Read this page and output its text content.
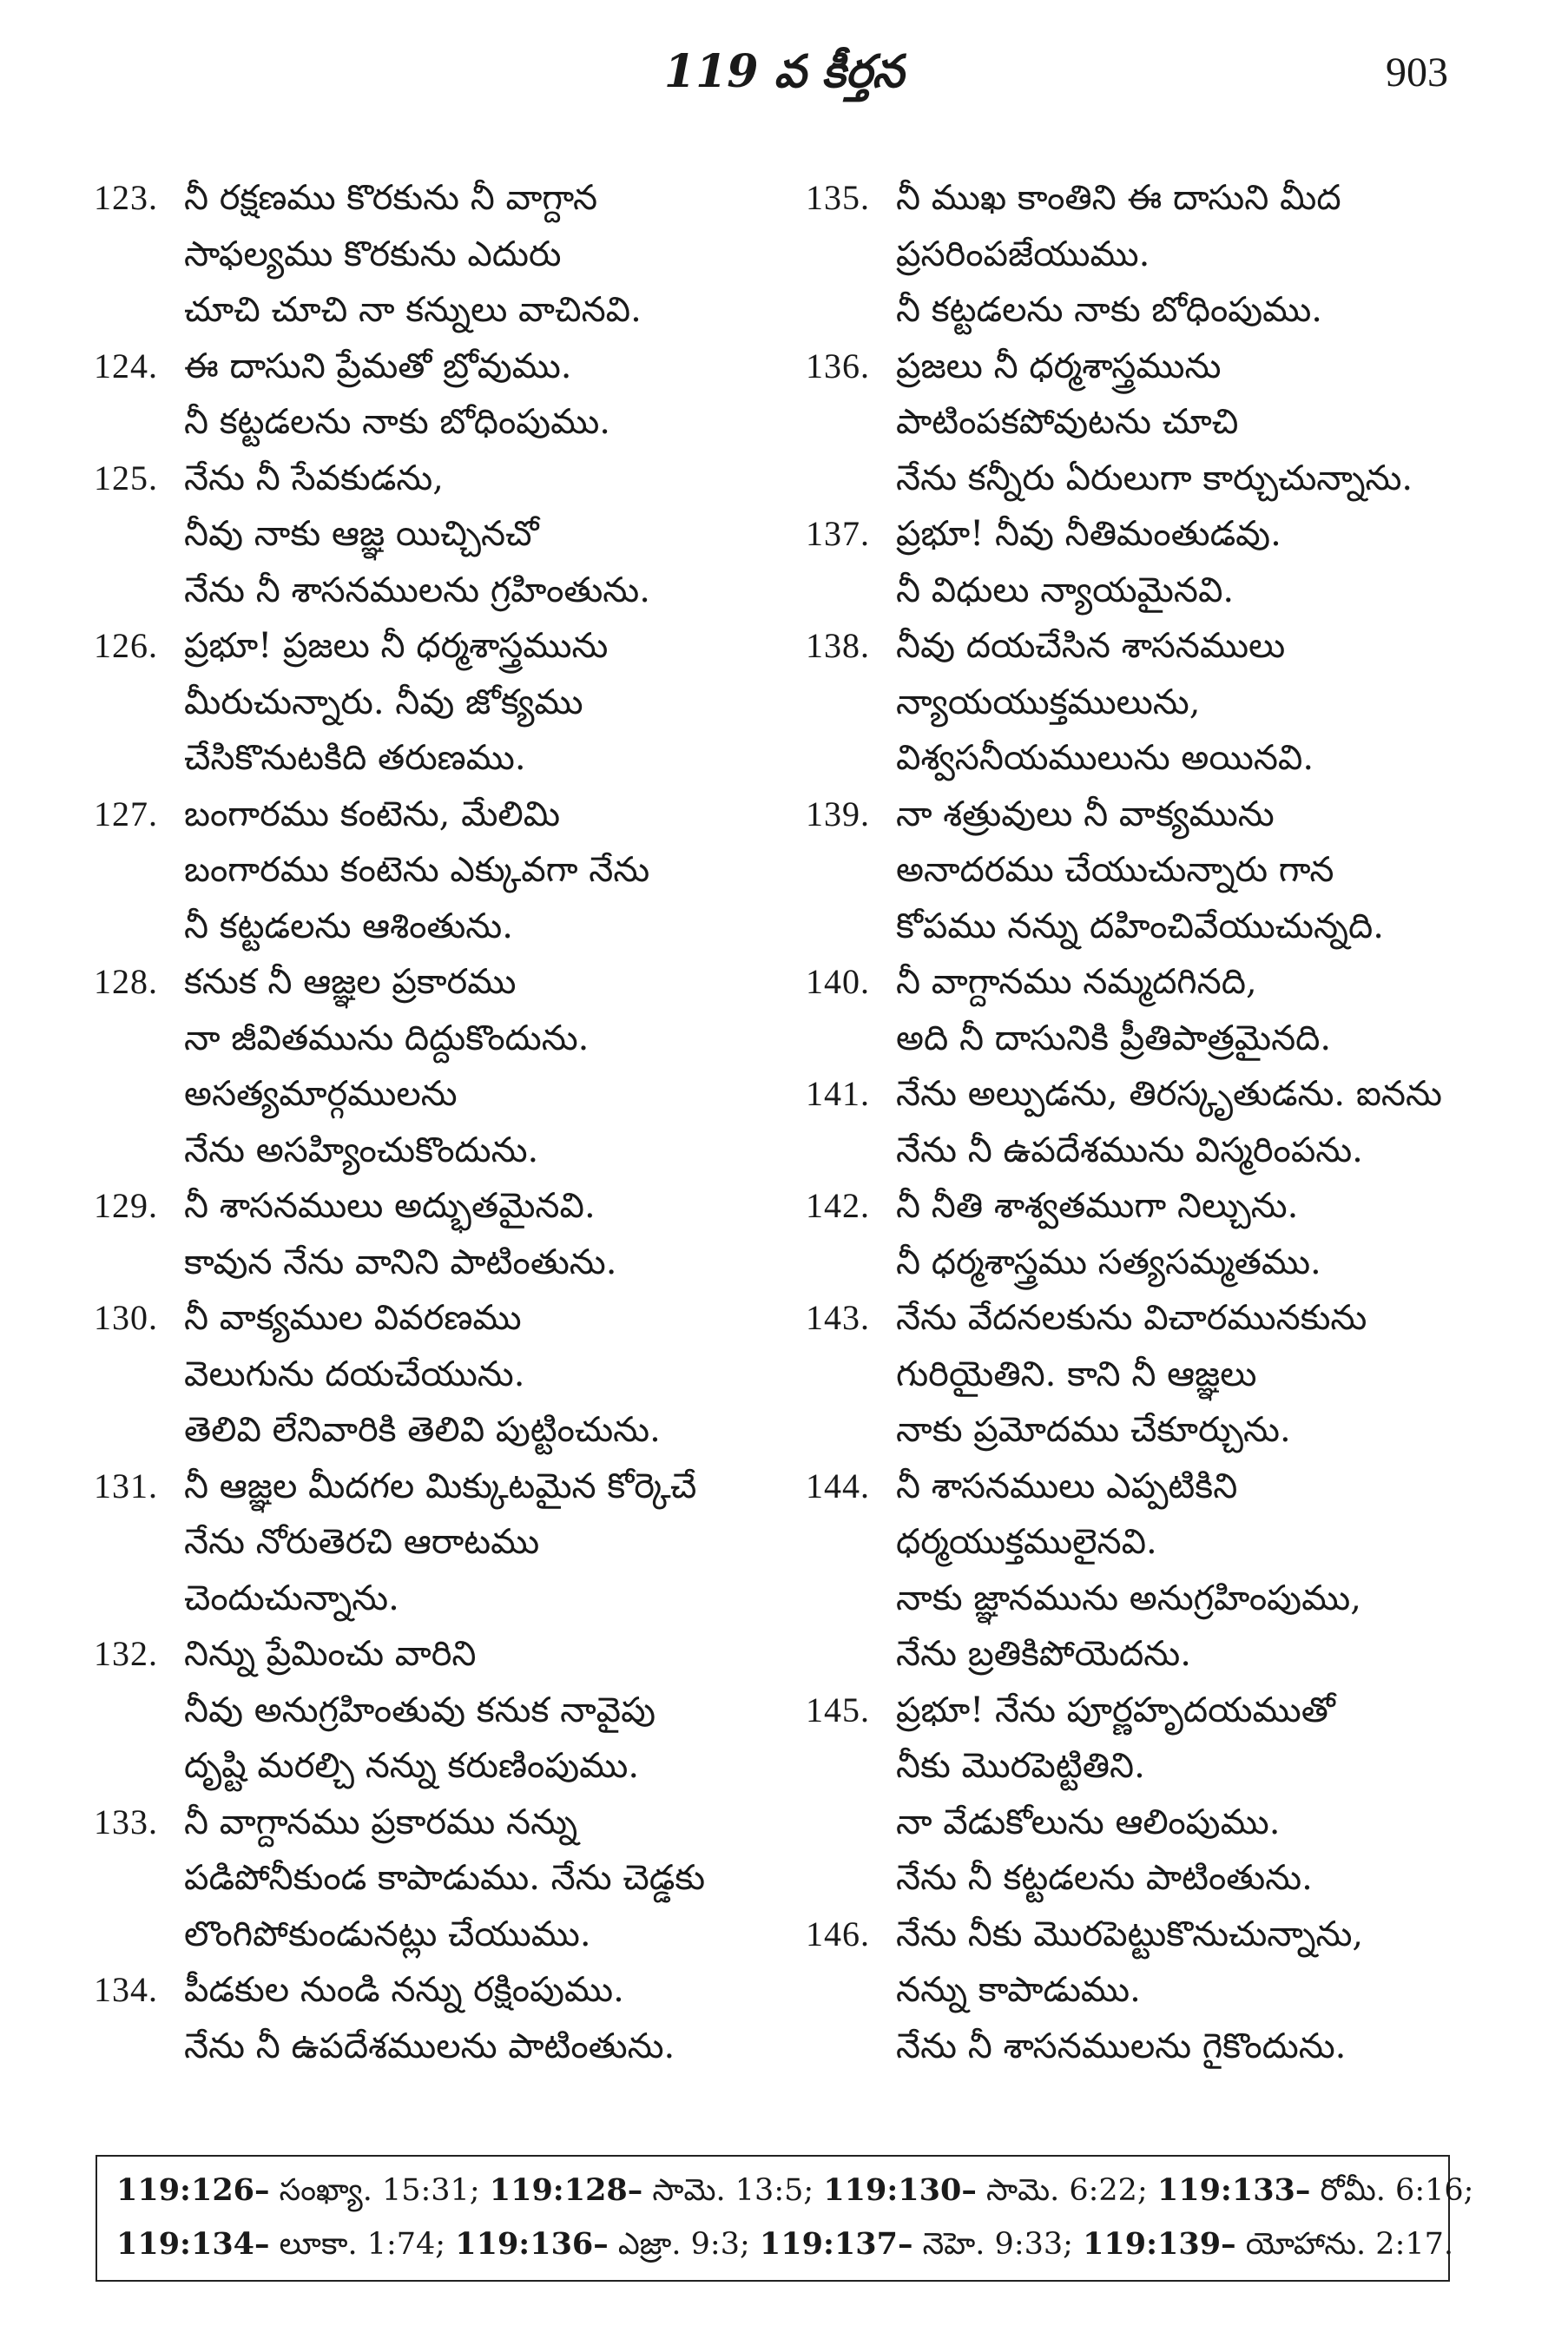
119 వ కీర్తన	903
123. నీ రక్షణము కొరకును నీ వాగ్దాన
సాఫల్యము కొరకును ఎదురు
చూచి చూచి నా కన్నులు వాచినవి.
124. ఈ దాసుని ప్రేమతో బ్రోవుము.
నీ కట్టడలను నాకు బోధింపుము.
125. నేను నీ సేవకుడను,
నీవు నాకు ఆజ్ఞ యిచ్చినచో
నేను నీ శాసనములను గ్రహింతును.
126. ప్రభూ! ప్రజలు నీ ధర్మశాస్త్రమును
మీరుచున్నారు. నీవు జోక్యము
చేసికొనుటకిది తరుణము.
127. బంగారము కంటెను, మేలిమి
బంగారము కంటెను ఎక్కువగా నేను
నీ కట్టడలను ఆశింతును.
128. కనుక నీ ఆజ్ఞల ప్రకారము
నా జీవితమును దిద్దుకొందును.
అసత్యమార్గములను
నేను అసహ్యించుకొందును.
129. నీ శాసనములు అద్భుతమైనవి.
కావున నేను వానిని పాటింతును.
130. నీ వాక్యముల వివరణము
వెలుగును దయచేయును.
తెలివి లేనివారికి తెలివి పుట్టించును.
131. నీ ఆజ్ఞల మీదగల మిక్కుటమైన కోర్కెచే
నేను నోరుతెరచి ఆరాటము
చెందుచున్నాను.
132. నిన్ను ప్రేమించు వారిని
నీవు అనుగ్రహింతువు కనుక నావైపు
దృష్టి మరల్చి నన్ను కరుణింపుము.
133. నీ వాగ్దానము ప్రకారము నన్ను
పడిపోనీకుండ కాపాడుము. నేను చెడ్డకు
లొంగిపోకుండునట్లు చేయుము.
134. పీడకుల నుండి నన్ను రక్షింపుము.
నేను నీ ఉపదేశములను పాటింతును.
135. నీ ముఖ కాంతిని ఈ దాసుని మీద
ప్రసరింపజేయుము.
నీ కట్టడలను నాకు బోధింపుము.
136. ప్రజలు నీ ధర్మశాస్త్రమును
పాటింపకపోవుటను చూచి
నేను కన్నీరు ఏరులుగా కార్చుచున్నాను.
137. ప్రభూ! నీవు నీతిమంతుడవు.
నీ విధులు న్యాయమైనవి.
138. నీవు దయచేసిన శాసనములు
న్యాయయుక్తములును,
విశ్వసనీయములును అయినవి.
139. నా శత్రువులు నీ వాక్యమును
అనాదరము చేయుచున్నారు గాన
కోపము నన్ను దహించివేయుచున్నది.
140. నీ వాగ్దానము నమ్మదగినది,
అది నీ దాసునికి ప్రీతిపాత్రమైనది.
141. నేను అల్పుడను, తిరస్కృతుడను. ఐనను
నేను నీ ఉపదేశమును విస్మరింపను.
142. నీ నీతి శాశ్వతముగా నిల్చును.
నీ ధర్మశాస్త్రము సత్యసమ్మతము.
143. నేను వేదనలకును విచారమునకును
గురియైతిని. కాని నీ ఆజ్ఞలు
నాకు ప్రమోదము చేకూర్చును.
144. నీ శాసనములు ఎప్పటికిని
ధర్మయుక్తములైనవి.
నాకు జ్ఞానమును అనుగ్రహింపుము,
నేను బ్రతికిపోయెదను.
145. ప్రభూ! నేను పూర్ణహృదయముతో
నీకు మొరపెట్టితిని.
నా వేడుకోలును ఆలింపుము.
నేను నీ కట్టడలను పాటింతును.
146. నేను నీకు మొరపెట్టుకొనుచున్నాను,
నన్ను కాపాడుము.
నేను నీ శాసనములను గైకొందును.
119:126– సంఖ్యా. 15:31; 119:128– సామె. 13:5; 119:130– సామె. 6:22; 119:133– రోమీ. 6:16;
119:134– లూకా. 1:74; 119:136– ఎజ్రా. 9:3; 119:137– నెహె. 9:33; 119:139– యోహాను. 2:17.
